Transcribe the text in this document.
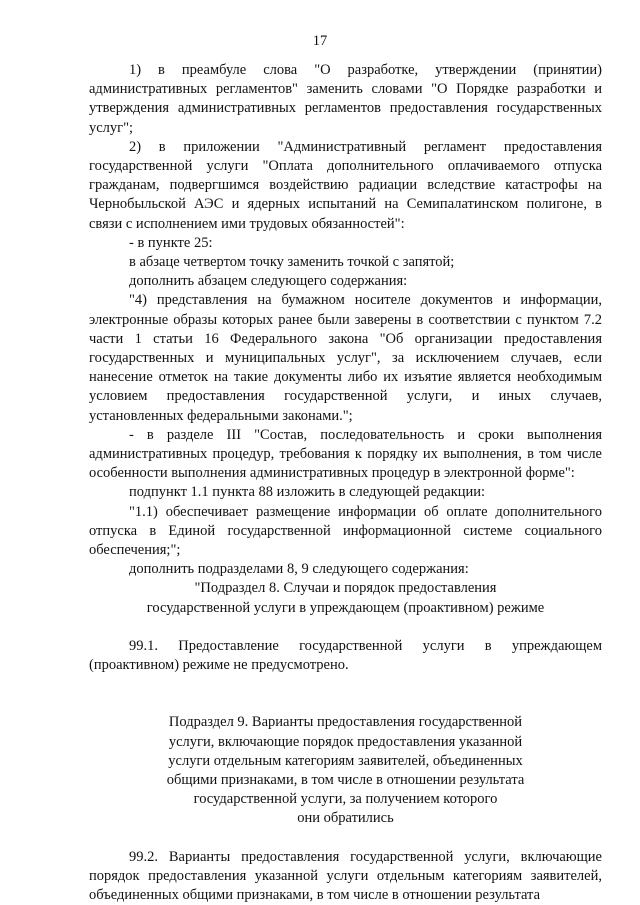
17

1) в преамбуле слова "О разработке, утверждении (принятии) административных регламентов" заменить словами "О Порядке разработки и утверждения административных регламентов предоставления государственных услуг";

2) в приложении "Административный регламент предоставления государственной услуги "Оплата дополнительного оплачиваемого отпуска гражданам, подвергшимся воздействию радиации вследствие катастрофы на Чернобыльской АЭС и ядерных испытаний на Семипалатинском полигоне, в связи с исполнением ими трудовых обязанностей":

- в пункте 25:

в абзаце четвертом точку заменить точкой с запятой;

дополнить абзацем следующего содержания:

"4) представления на бумажном носителе документов и информации, электронные образы которых ранее были заверены в соответствии с пунктом 7.2 части 1 статьи 16 Федерального закона "Об организации предоставления государственных и муниципальных услуг", за исключением случаев, если нанесение отметок на такие документы либо их изъятие является необходимым условием предоставления государственной услуги, и иных случаев, установленных федеральными законами.";

- в разделе III "Состав, последовательность и сроки выполнения административных процедур, требования к порядку их выполнения, в том числе особенности выполнения административных процедур в электронной форме":

подпункт 1.1 пункта 88 изложить в следующей редакции:

"1.1) обеспечивает размещение информации об оплате дополнительного отпуска в Единой государственной информационной системе социального обеспечения;";

дополнить подразделами 8, 9 следующего содержания:

"Подраздел 8. Случаи и порядок предоставления

государственной услуги в упреждающем (проактивном) режиме

99.1. Предоставление государственной услуги в упреждающем (проактивном) режиме не предусмотрено.

Подраздел 9. Варианты предоставления государственной

услуги, включающие порядок предоставления указанной

услуги отдельным категориям заявителей, объединенных

общими признаками, в том числе в отношении результата

государственной услуги, за получением которого

они обратились

99.2. Варианты предоставления государственной услуги, включающие порядок предоставления указанной услуги отдельным категориям заявителей, объединенных общими признаками, в том числе в отношении результата
